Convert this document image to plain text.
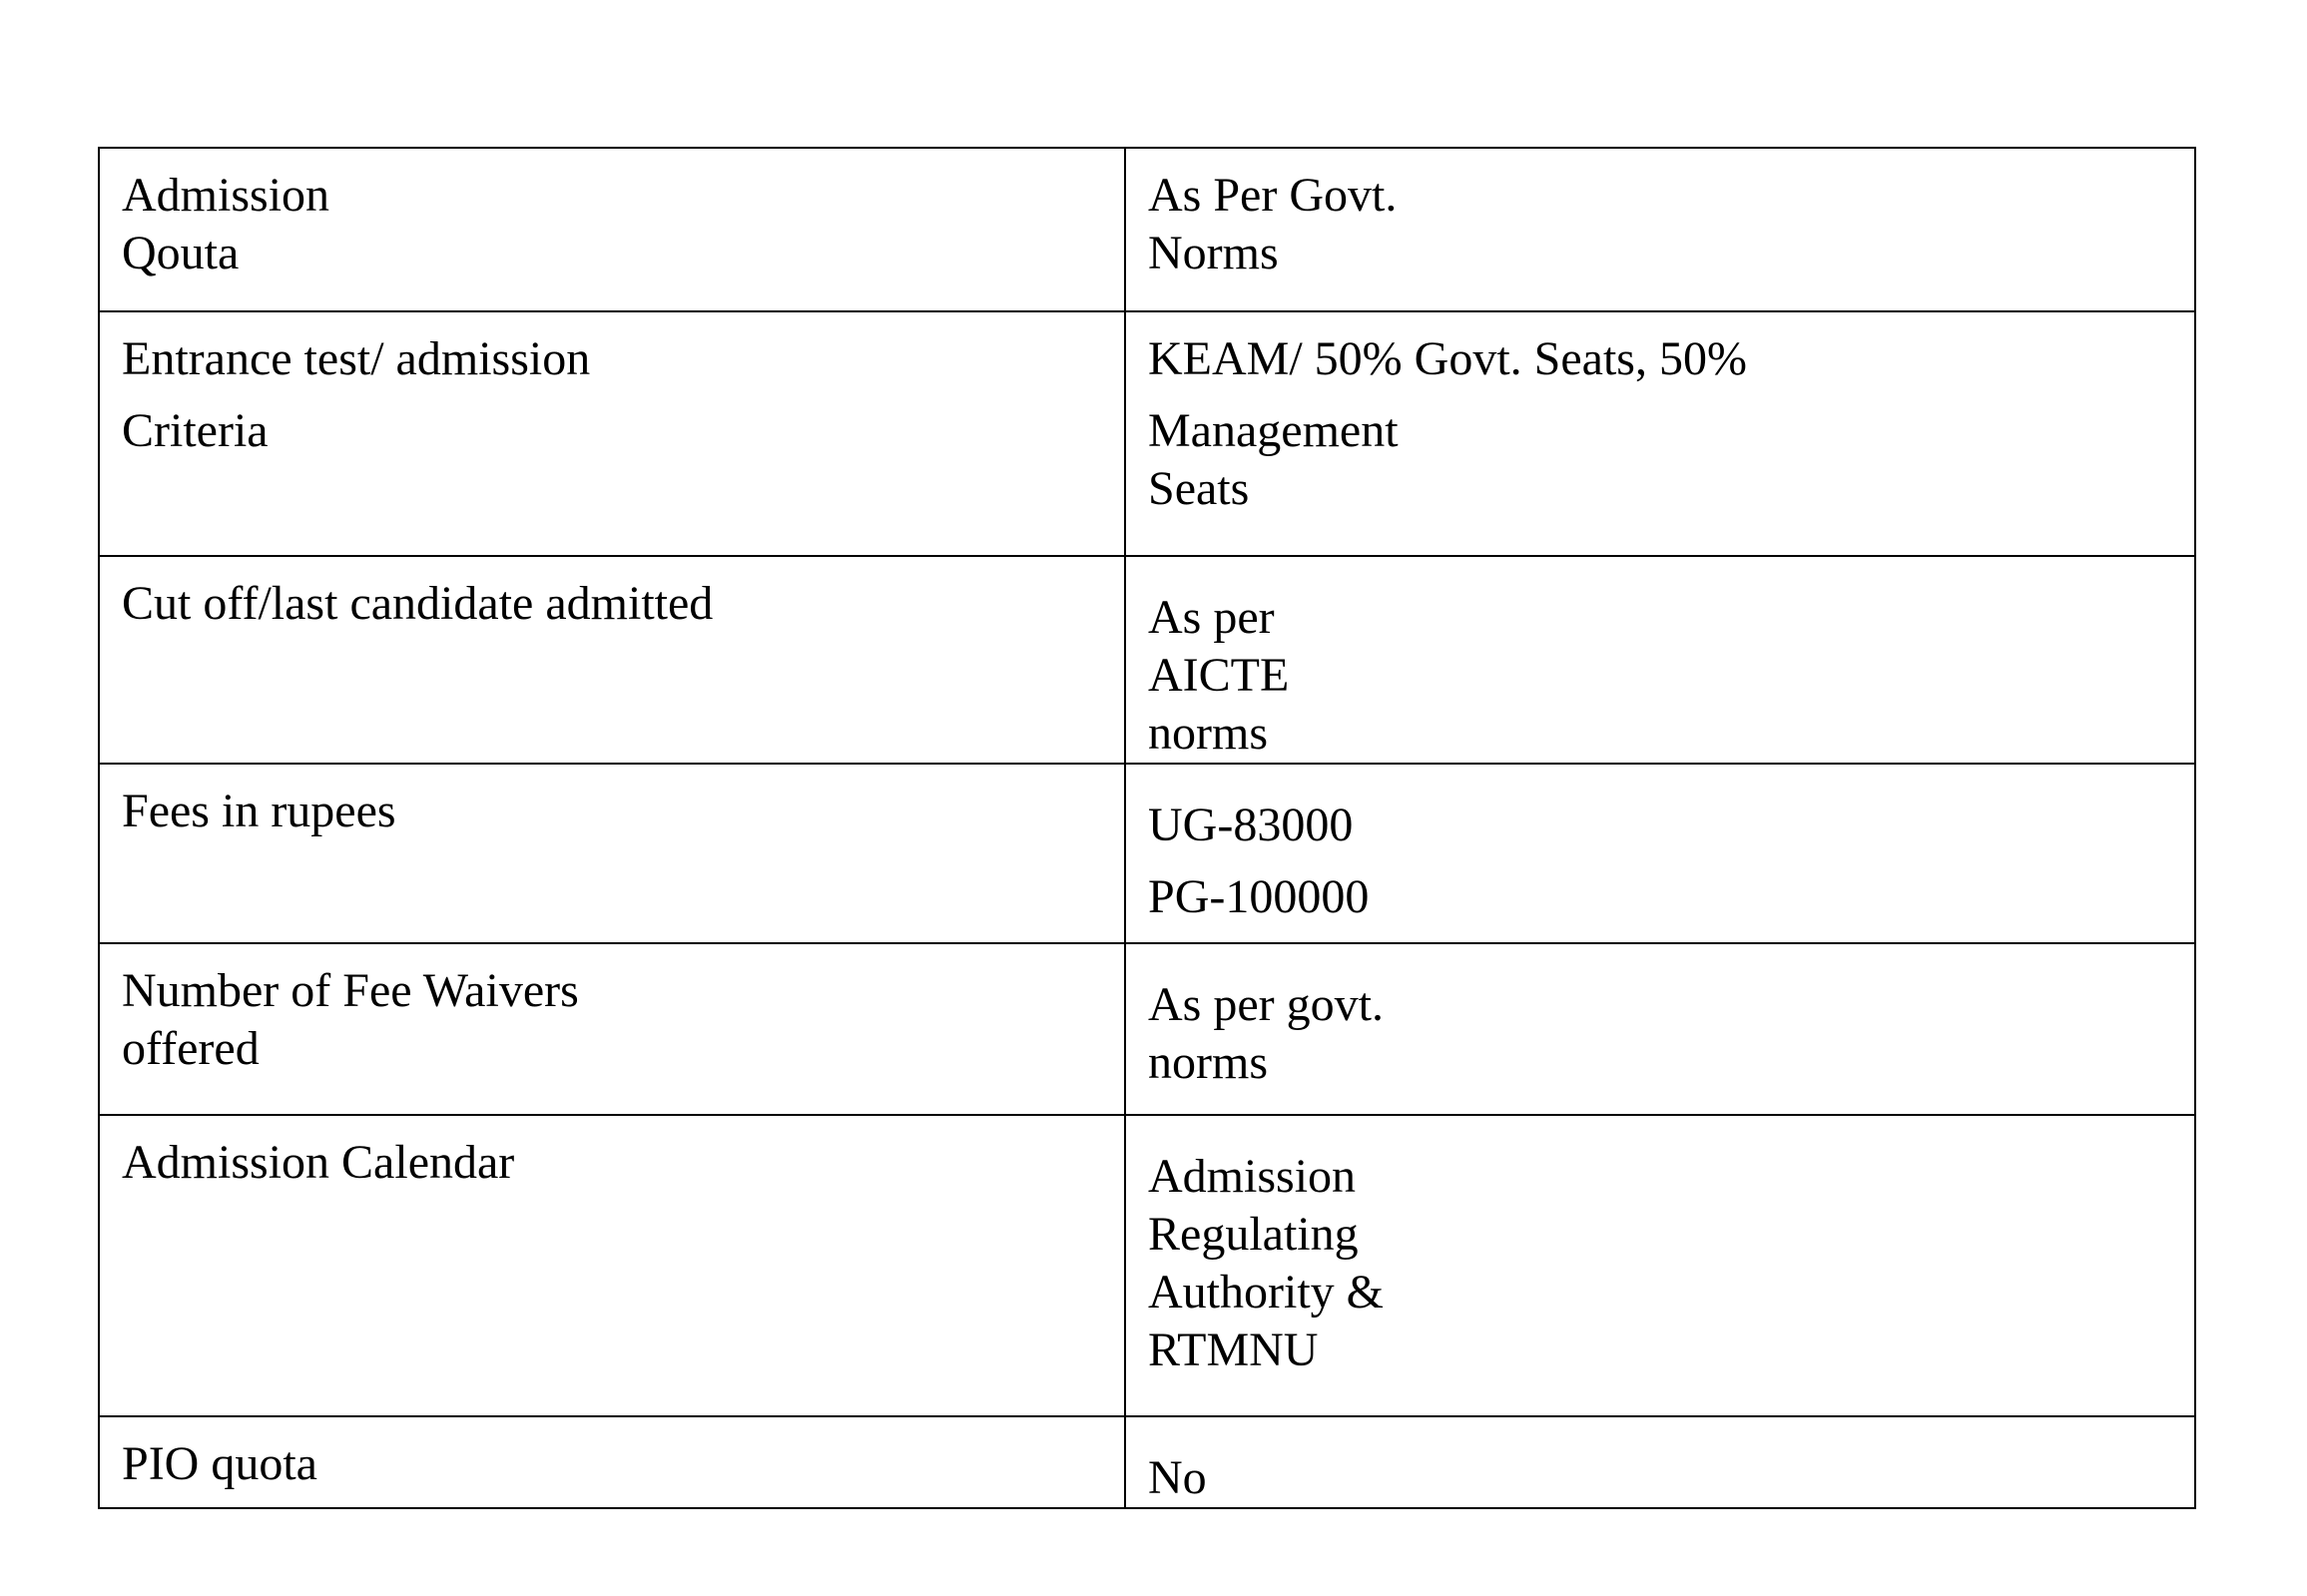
Admission
Qouta	As Per Govt.
Norms

Entrance test/ admission
Criteria	KEAM/ 50% Govt. Seats, 50%
Management
Seats

Cut off/last candidate admitted	As per
AICTE
norms

Fees in rupees	UG-83000
PG-100000

Number of Fee Waivers
offered	As per govt.
norms

Admission Calendar	Admission
Regulating
Authority &
RTMNU

PIO quota	No
